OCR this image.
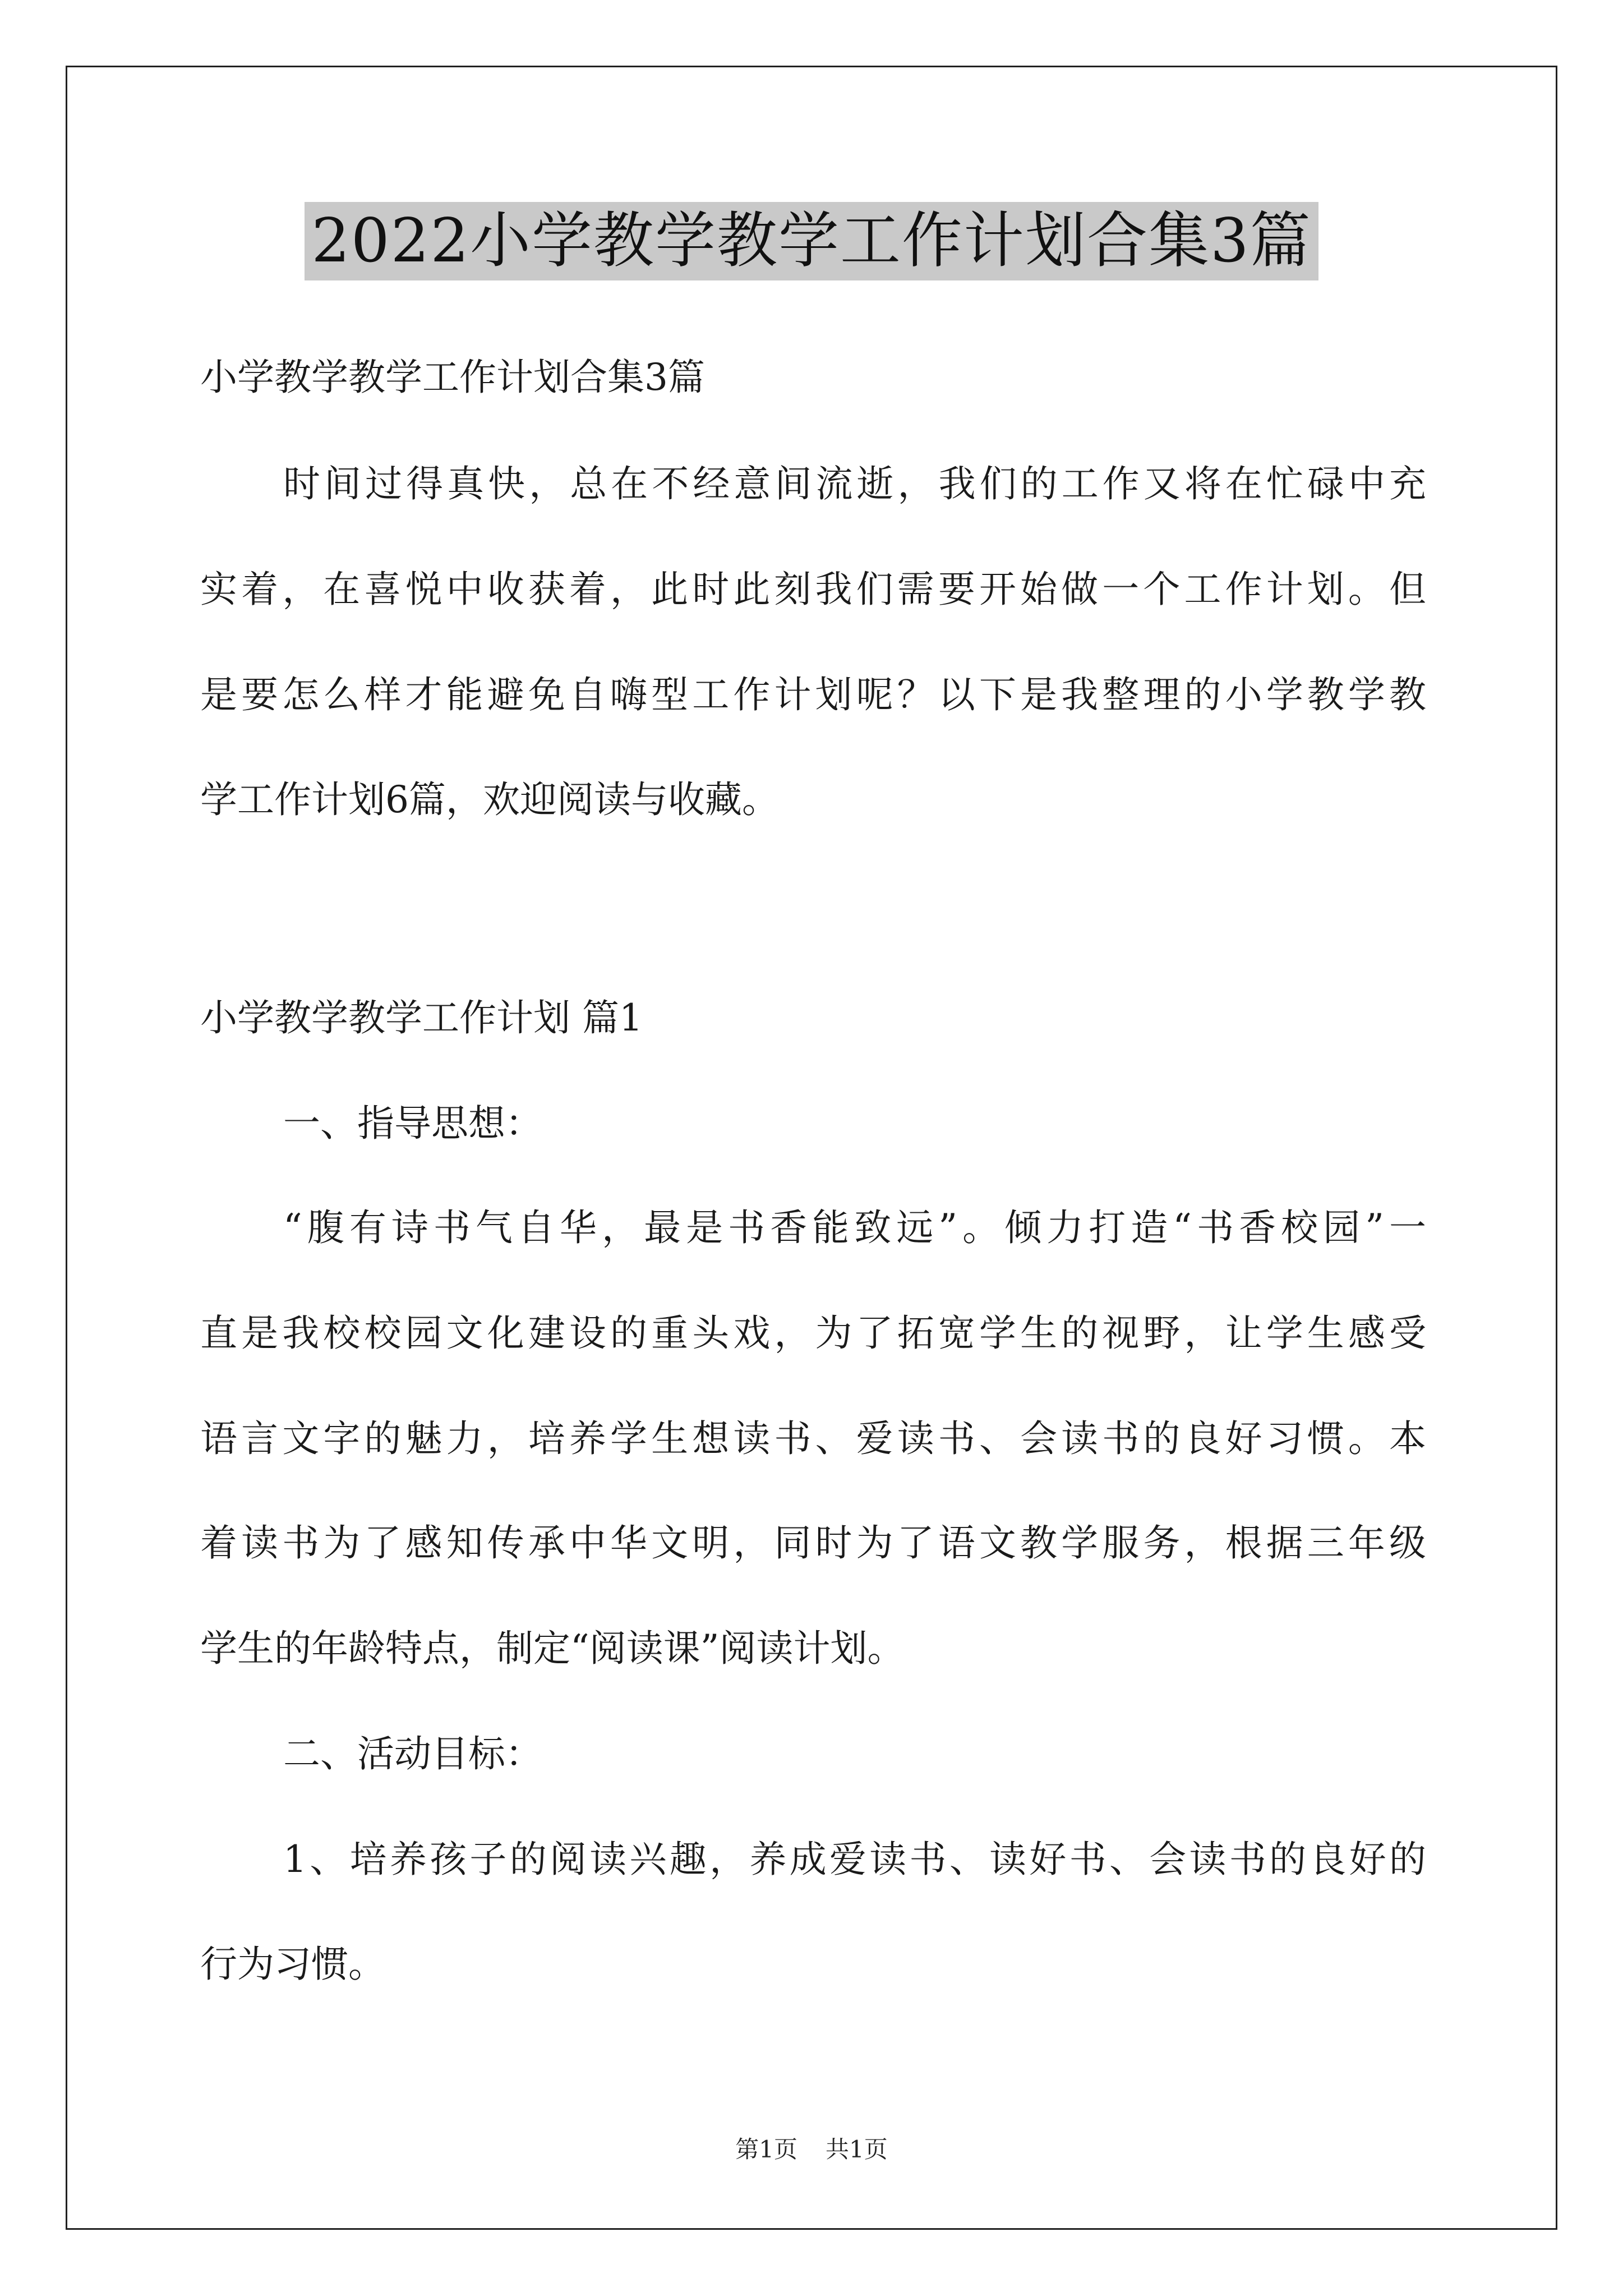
2022小学教学教学工作计划合集3篇
小学教学教学工作计划合集3篇
时间过得真快，总在不经意间流逝，我们的工作又将在忙碌中充
实着，在喜悦中收获着，此时此刻我们需要开始做一个工作计划。但
是要怎么样才能避免自嗨型工作计划呢？以下是我整理的小学教学教
学工作计划6篇，欢迎阅读与收藏。
小学教学教学工作计划 篇1
一、指导思想：
“腹有诗书气自华，最是书香能致远”。倾力打造“书香校园”一
直是我校校园文化建设的重头戏，为了拓宽学生的视野，让学生感受
语言文字的魅力，培养学生想读书、爱读书、会读书的良好习惯。本
着读书为了感知传承中华文明，同时为了语文教学服务，根据三年级
学生的年龄特点，制定“阅读课”阅读计划。
二、活动目标：
1、培养孩子的阅读兴趣，养成爱读书、读好书、会读书的良好的
行为习惯。
第1页 共1页
